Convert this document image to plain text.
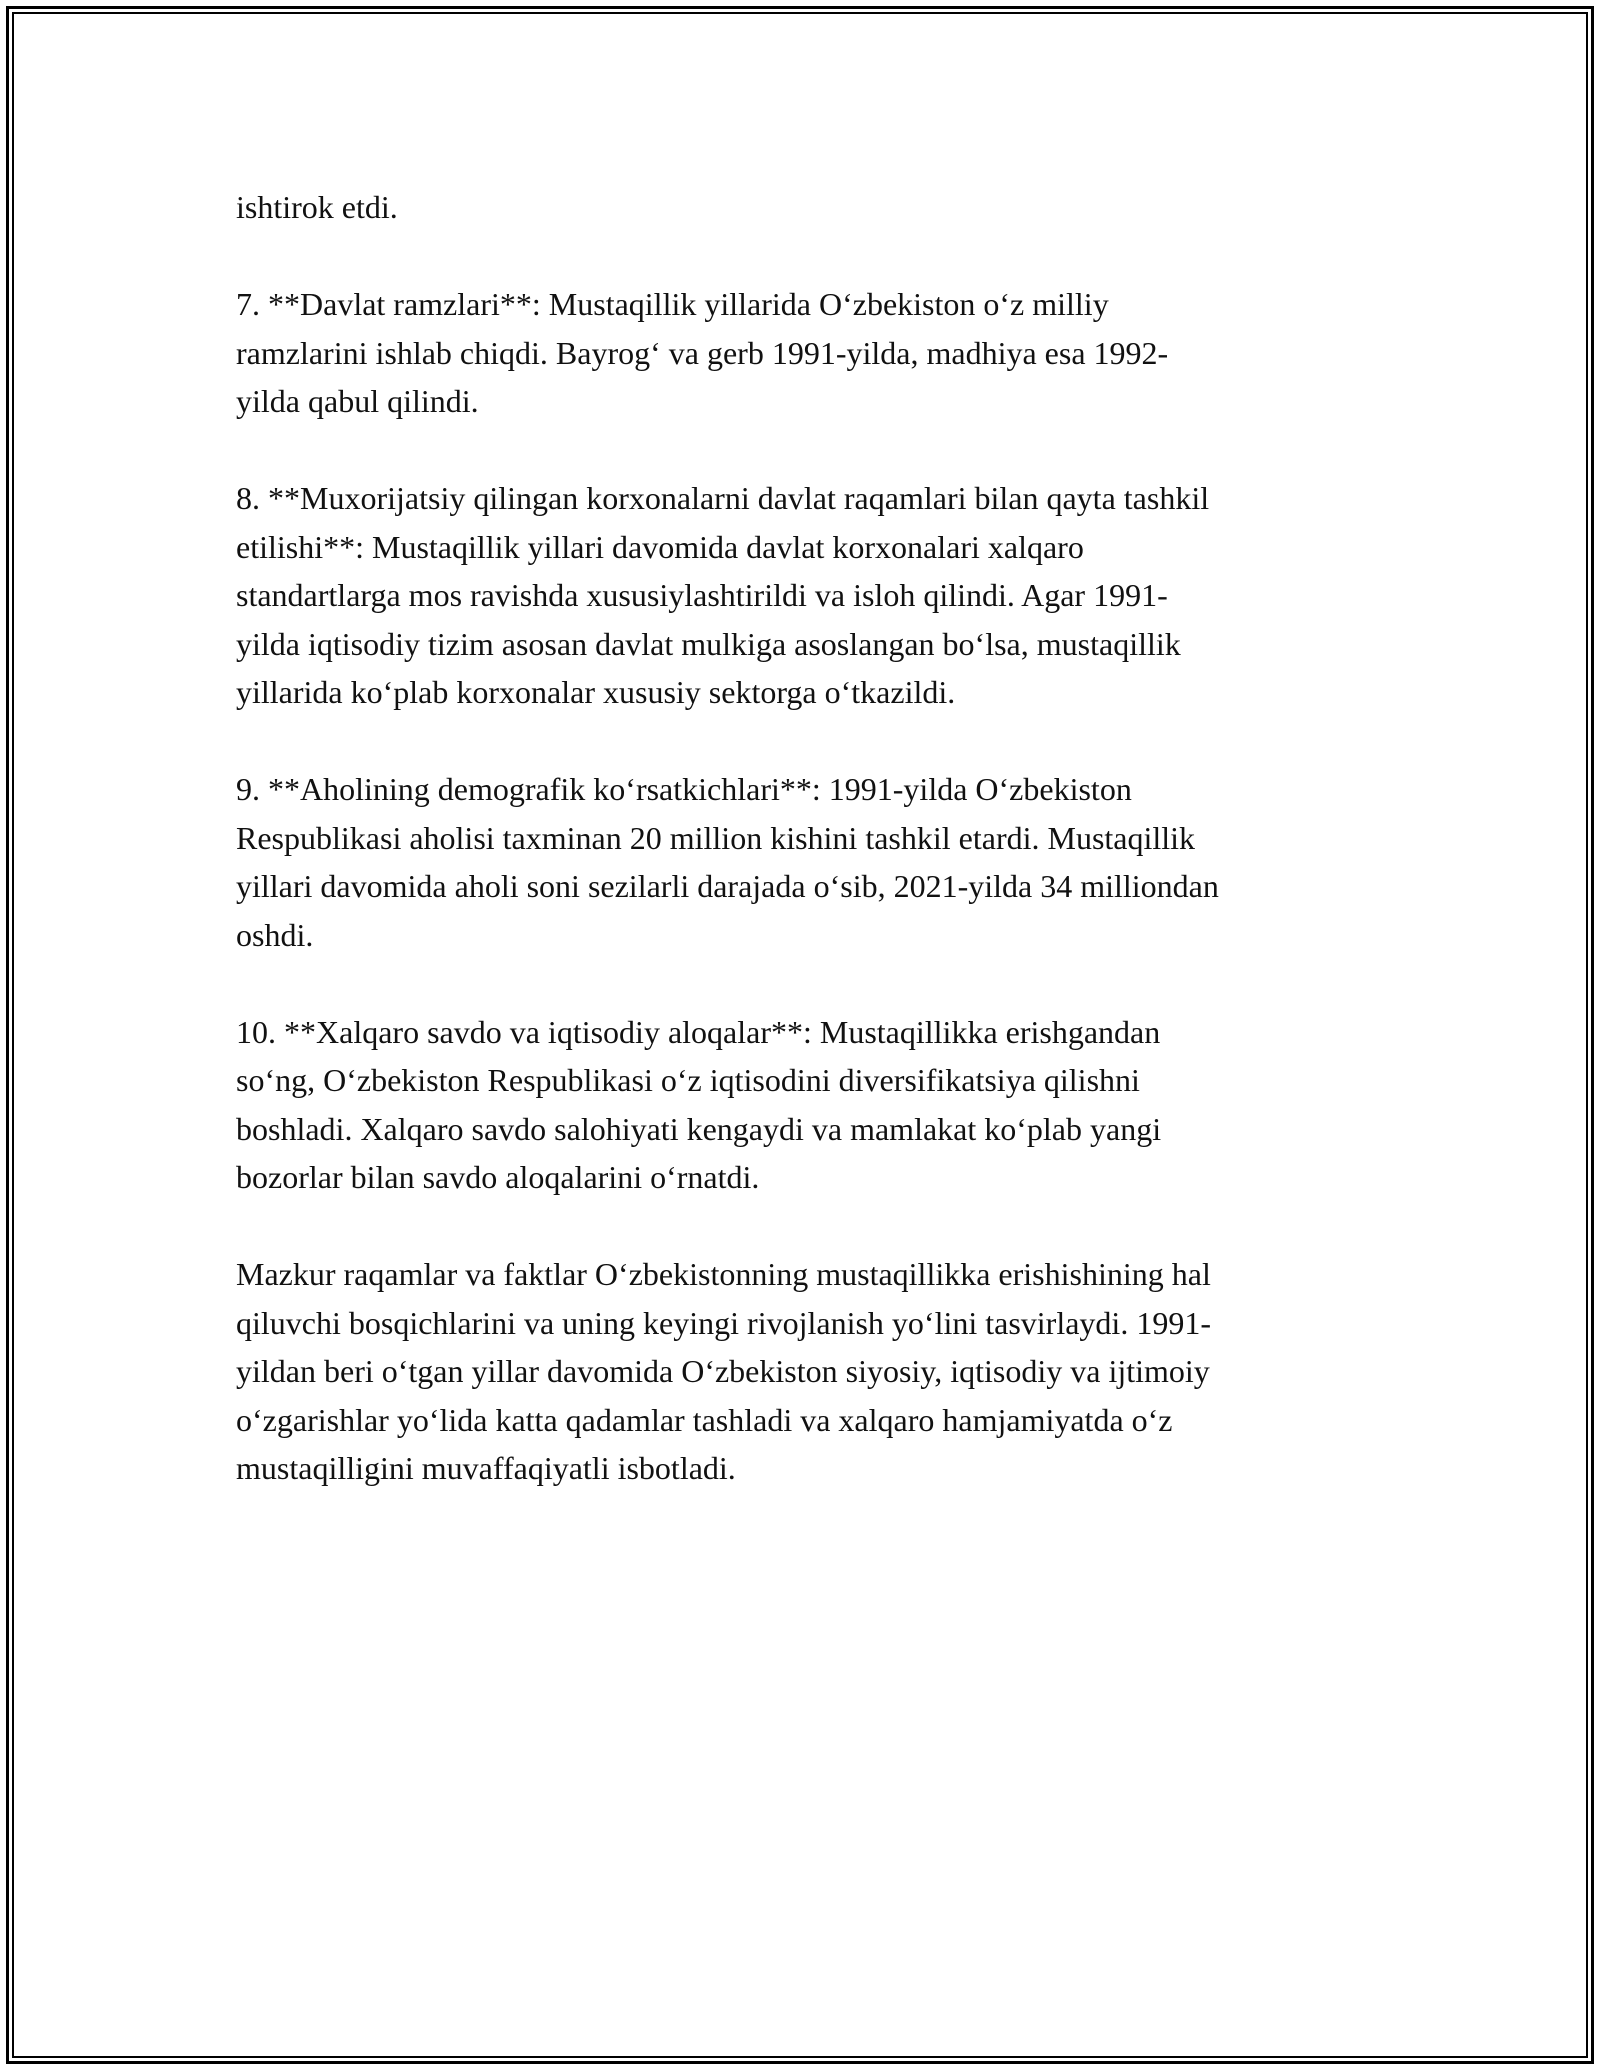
ishtirok etdi.

7. **Davlat ramzlari**: Mustaqillik yillarida O‘zbekiston o‘z milliy
ramzlarini ishlab chiqdi. Bayrog‘ va gerb 1991-yilda, madhiya esa 1992-
yilda qabul qilindi.

8. **Muxorijatsiy qilingan korxonalarni davlat raqamlari bilan qayta tashkil
etilishi**: Mustaqillik yillari davomida davlat korxonalari xalqaro
standartlarga mos ravishda xususiylashtirildi va isloh qilindi. Agar 1991-
yilda iqtisodiy tizim asosan davlat mulkiga asoslangan bo‘lsa, mustaqillik
yillarida ko‘plab korxonalar xususiy sektorga o‘tkazildi.

9. **Aholining demografik ko‘rsatkichlari**: 1991-yilda O‘zbekiston
Respublikasi aholisi taxminan 20 million kishini tashkil etardi. Mustaqillik
yillari davomida aholi soni sezilarli darajada o‘sib, 2021-yilda 34 milliondan
oshdi.

10. **Xalqaro savdo va iqtisodiy aloqalar**: Mustaqillikka erishgandan
so‘ng, O‘zbekiston Respublikasi o‘z iqtisodini diversifikatsiya qilishni
boshladi. Xalqaro savdo salohiyati kengaydi va mamlakat ko‘plab yangi
bozorlar bilan savdo aloqalarini o‘rnatdi.

Mazkur raqamlar va faktlar O‘zbekistonning mustaqillikka erishishining hal
qiluvchi bosqichlarini va uning keyingi rivojlanish yo‘lini tasvirlaydi. 1991-
yildan beri o‘tgan yillar davomida O‘zbekiston siyosiy, iqtisodiy va ijtimoiy
o‘zgarishlar yo‘lida katta qadamlar tashladi va xalqaro hamjamiyatda o‘z
mustaqilligini muvaffaqiyatli isbotladi.
